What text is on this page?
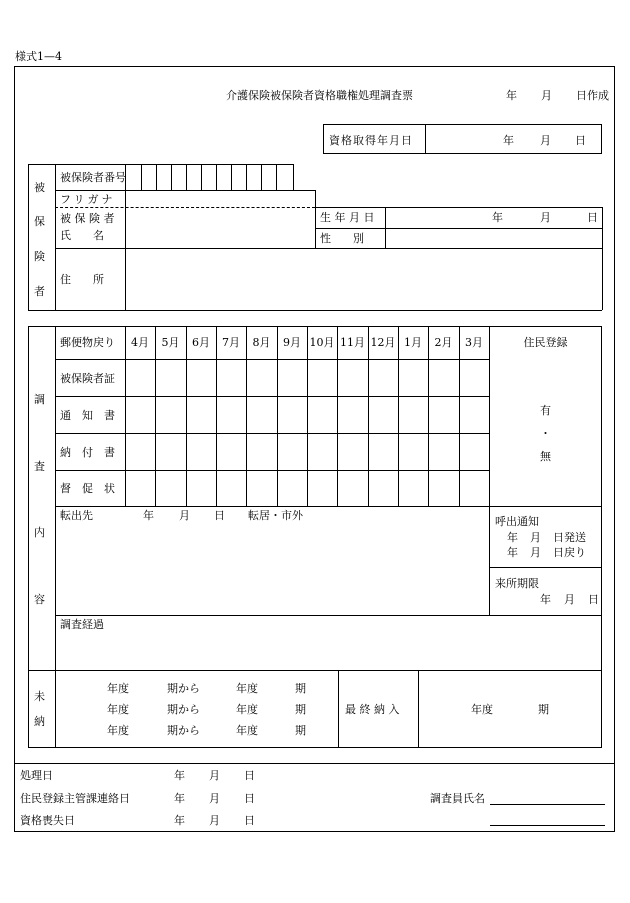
様式1—4
介護保険被保険者資格職権処理調査票	年 月 日作成
資格取得年月日	年 月 日
被
保
険
者
被保険者番号
フリガナ
被 保 険 者
氏　　名
生 年 月 日	年	月	日
性　　別
住　　所
調
査
内
容
郵便物戻り	4月	5月	6月	7月	8月	9月 10月 11月 12月 1月	2月	3月
被保険者証
通　知　書
納　付　書
督　促　状
住民登録
有
・
無
転出先	年 月 日 転居・市外	呼出通知
年 月 日発送
年 月 日戻り
来所期限
年 月 日
調査経過
未
納
年度	期から	年度	期
年度	期から	年度	期
年度	期から	年度	期
最 終 納 入	年度	期
処理日	年 月 日
住民登録主管課連絡日	年 月 日
資格喪失日	年 月 日
調査員氏名
